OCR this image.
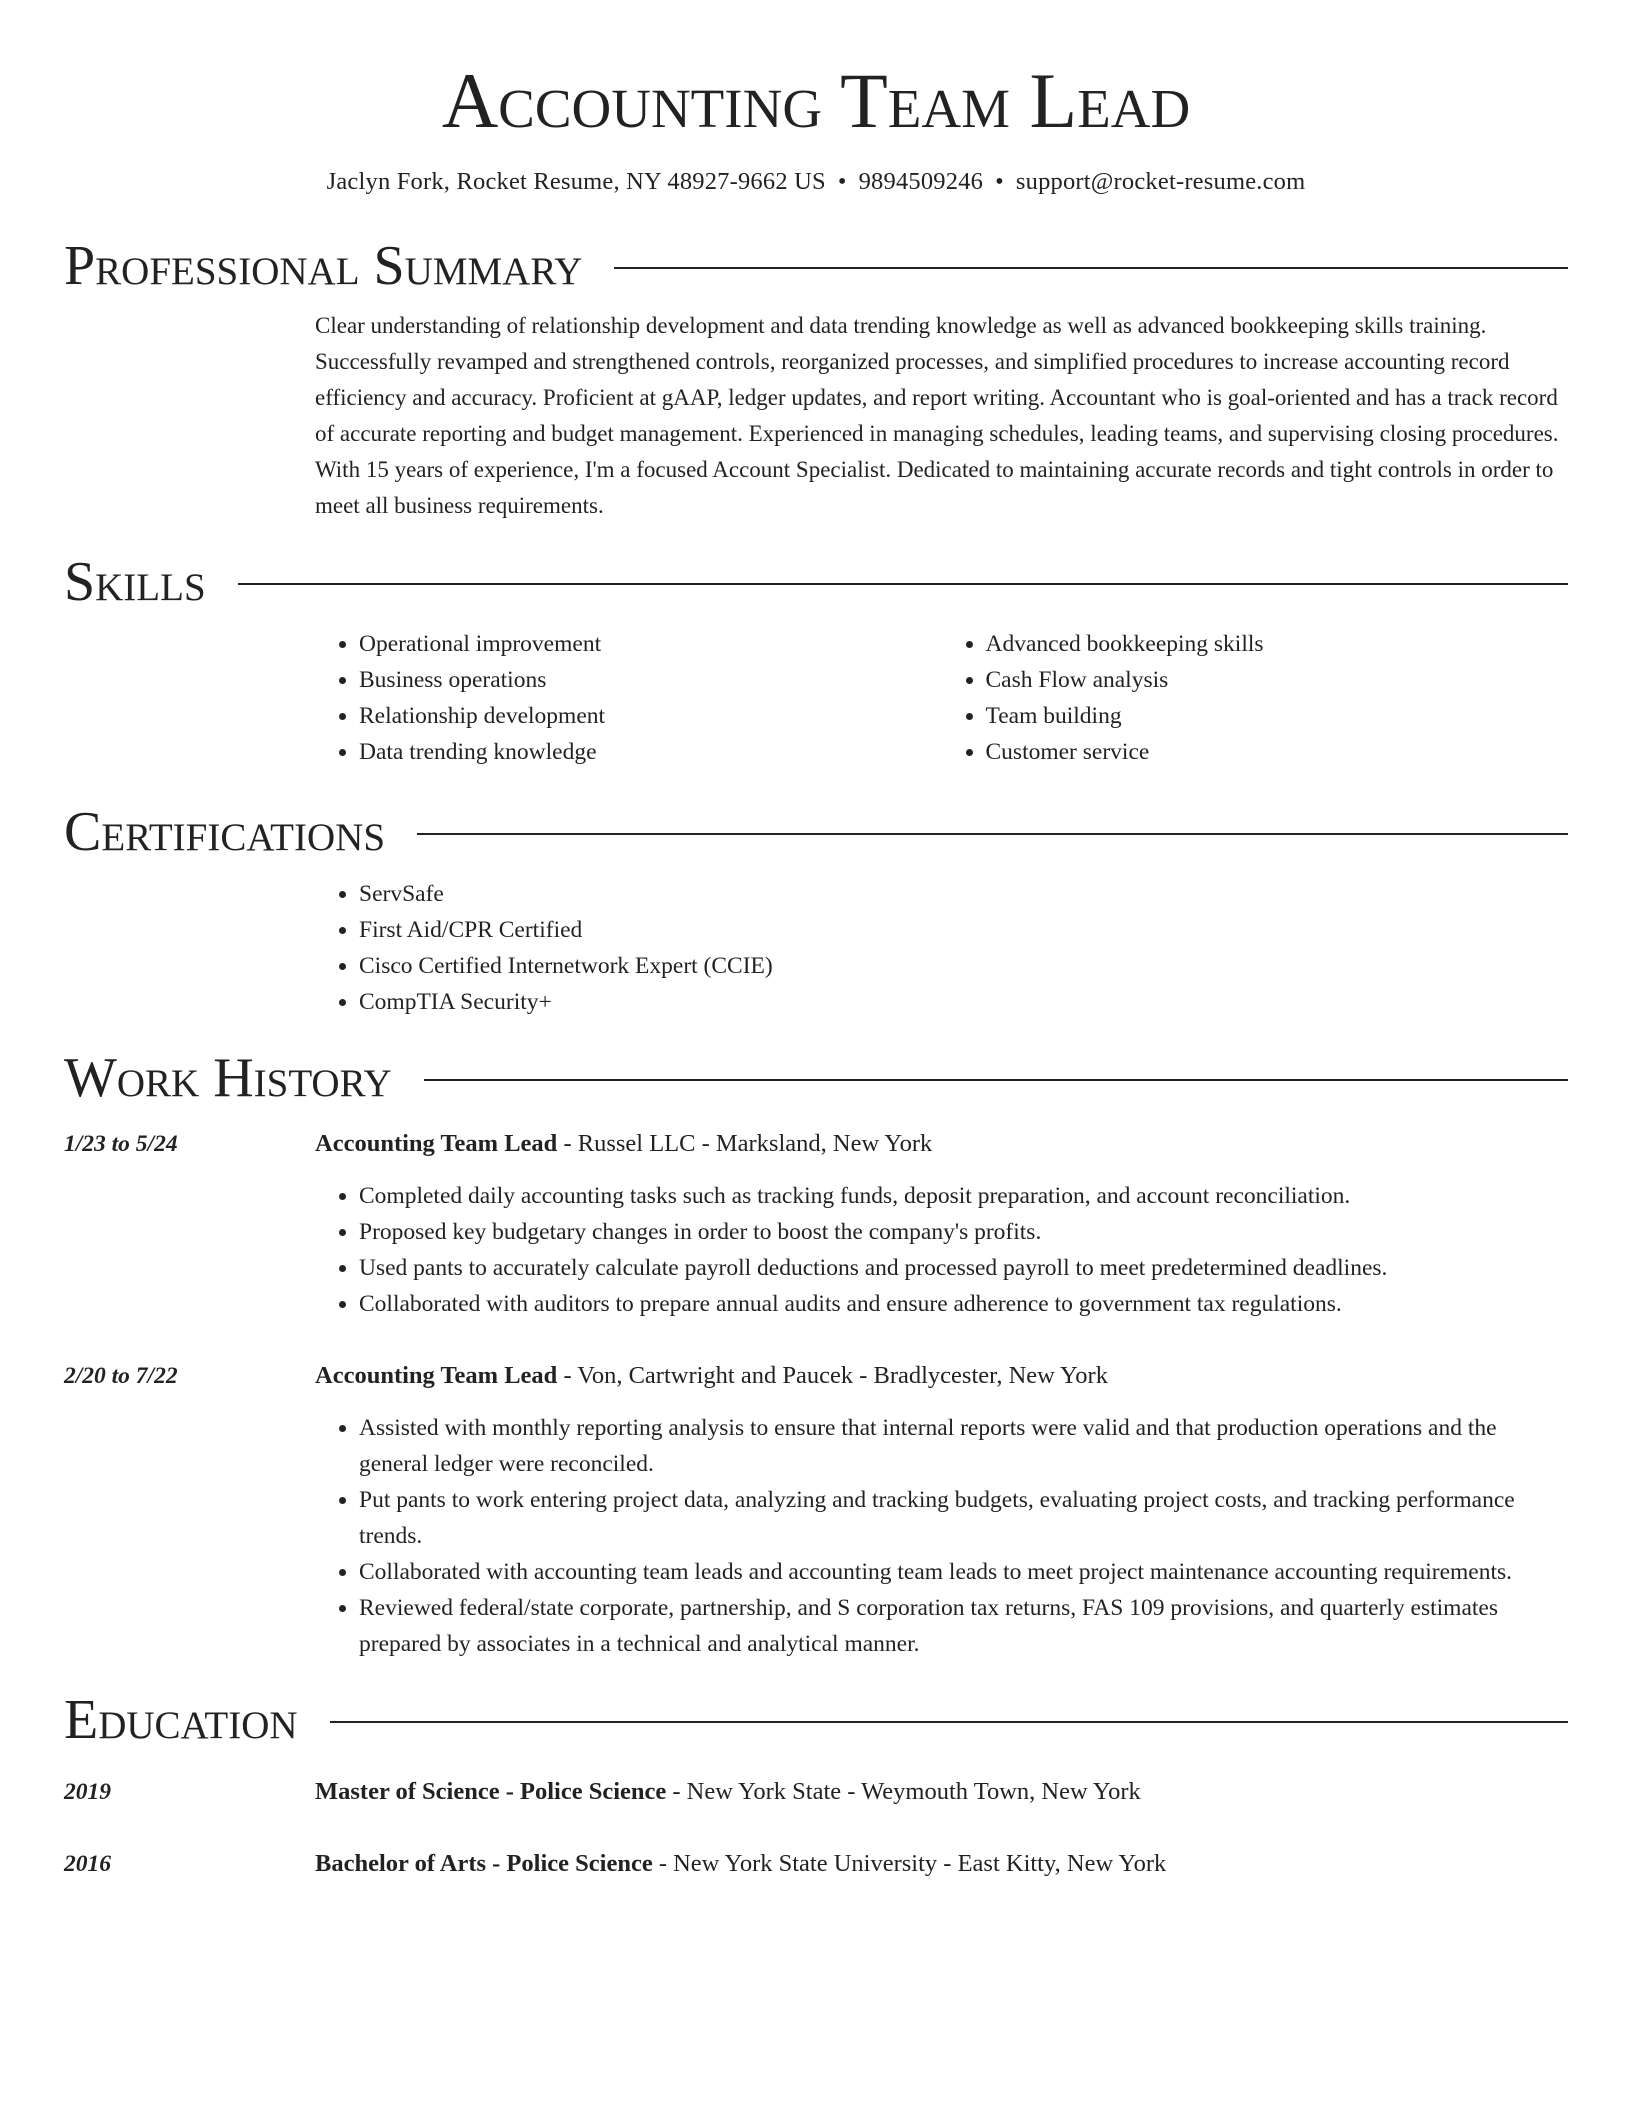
Accounting Team Lead
Jaclyn Fork, Rocket Resume, NY 48927-9662 US • 9894509246 • support@rocket-resume.com
Professional Summary
Clear understanding of relationship development and data trending knowledge as well as advanced bookkeeping skills training. Successfully revamped and strengthened controls, reorganized processes, and simplified procedures to increase accounting record efficiency and accuracy. Proficient at gAAP, ledger updates, and report writing. Accountant who is goal-oriented and has a track record of accurate reporting and budget management. Experienced in managing schedules, leading teams, and supervising closing procedures. With 15 years of experience, I'm a focused Account Specialist. Dedicated to maintaining accurate records and tight controls in order to meet all business requirements.
Skills
• Operational improvement
• Business operations
• Relationship development
• Data trending knowledge
• Advanced bookkeeping skills
• Cash Flow analysis
• Team building
• Customer service
Certifications
• ServSafe
• First Aid/CPR Certified
• Cisco Certified Internetwork Expert (CCIE)
• CompTIA Security+
Work History
1/23 to 5/24	Accounting Team Lead - Russel LLC - Marksland, New York
• Completed daily accounting tasks such as tracking funds, deposit preparation, and account reconciliation.
• Proposed key budgetary changes in order to boost the company's profits.
• Used pants to accurately calculate payroll deductions and processed payroll to meet predetermined deadlines.
• Collaborated with auditors to prepare annual audits and ensure adherence to government tax regulations.
2/20 to 7/22	Accounting Team Lead - Von, Cartwright and Paucek - Bradlycester, New York
• Assisted with monthly reporting analysis to ensure that internal reports were valid and that production operations and the general ledger were reconciled.
• Put pants to work entering project data, analyzing and tracking budgets, evaluating project costs, and tracking performance trends.
• Collaborated with accounting team leads and accounting team leads to meet project maintenance accounting requirements.
• Reviewed federal/state corporate, partnership, and S corporation tax returns, FAS 109 provisions, and quarterly estimates prepared by associates in a technical and analytical manner.
Education
2019	Master of Science - Police Science - New York State - Weymouth Town, New York
2016	Bachelor of Arts - Police Science - New York State University - East Kitty, New York
